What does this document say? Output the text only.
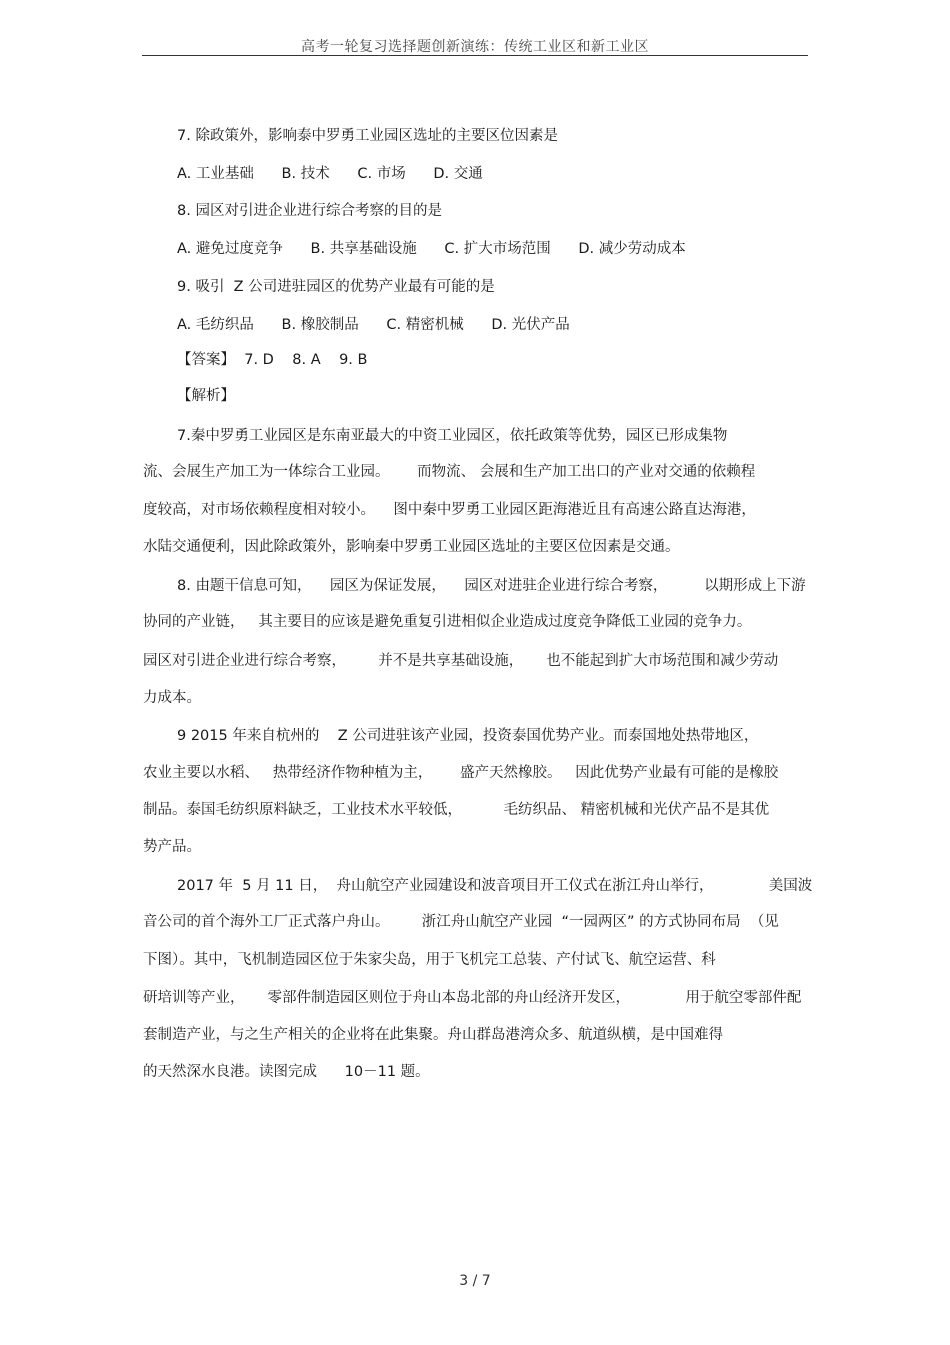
高考一轮复习选择题创新演练：传统工业区和新工业区
7. 除政策外，影响泰中罗勇工业园区选址的主要区位因素是
A. 工业基础      B. 技术      C. 市场      D. 交通
8. 园区对引进企业进行综合考察的目的是
A. 避免过度竞争      B. 共享基础设施      C. 扩大市场范围      D. 减少劳动成本
9. 吸引  Z 公司进驻园区的优势产业最有可能的是
A. 毛纺织品      B. 橡胶制品      C. 精密机械      D. 光伏产品
【答案】  7. D    8. A    9. B
【解析】
7.秦中罗勇工业园区是东南亚最大的中资工业园区，依托政策等优势，园区已形成集物
流、会展生产加工为一体综合工业园。      而物流、 会展和生产加工出口的产业对交通的依赖程
度较高，对市场依赖程度相对较小。    图中秦中罗勇工业园区距海港近且有高速公路直达海港，
水陆交通便利，因此除政策外，影响秦中罗勇工业园区选址的主要区位因素是交通。
8. 由题干信息可知，    园区为保证发展，    园区对进驻企业进行综合考察，        以期形成上下游
协同的产业链，   其主要目的应该是避免重复引进相似企业造成过度竞争降低工业园的竞争力。
园区对引进企业进行综合考察，       并不是共享基础设施，     也不能起到扩大市场范围和减少劳动
力成本。
9 2015 年来自杭州的    Z 公司进驻该产业园，投资泰国优势产业。而泰国地处热带地区，
农业主要以水稻、   热带经济作物种植为主，      盛产天然橡胶。   因此优势产业最有可能的是橡胶
制品。泰国毛纺织原料缺乏，工业技术水平较低，         毛纺织品、 精密机械和光伏产品不是其优
势产品。
2017 年  5 月 11 日，  舟山航空产业园建设和波音项目开工仪式在浙江舟山举行，            美国波
音公司的首个海外工厂正式落户舟山。       浙江舟山航空产业园  “一园两区” 的方式协同布局  （见
下图）。其中，飞机制造园区位于朱家尖岛，用于飞机完工总装、产付试飞、航空运营、科
研培训等产业，     零部件制造园区则位于舟山本岛北部的舟山经济开发区，            用于航空零部件配
套制造产业，与之生产相关的企业将在此集聚。舟山群岛港湾众多、航道纵横，是中国难得
的天然深水良港。读图完成      10－11 题。
3 / 7
